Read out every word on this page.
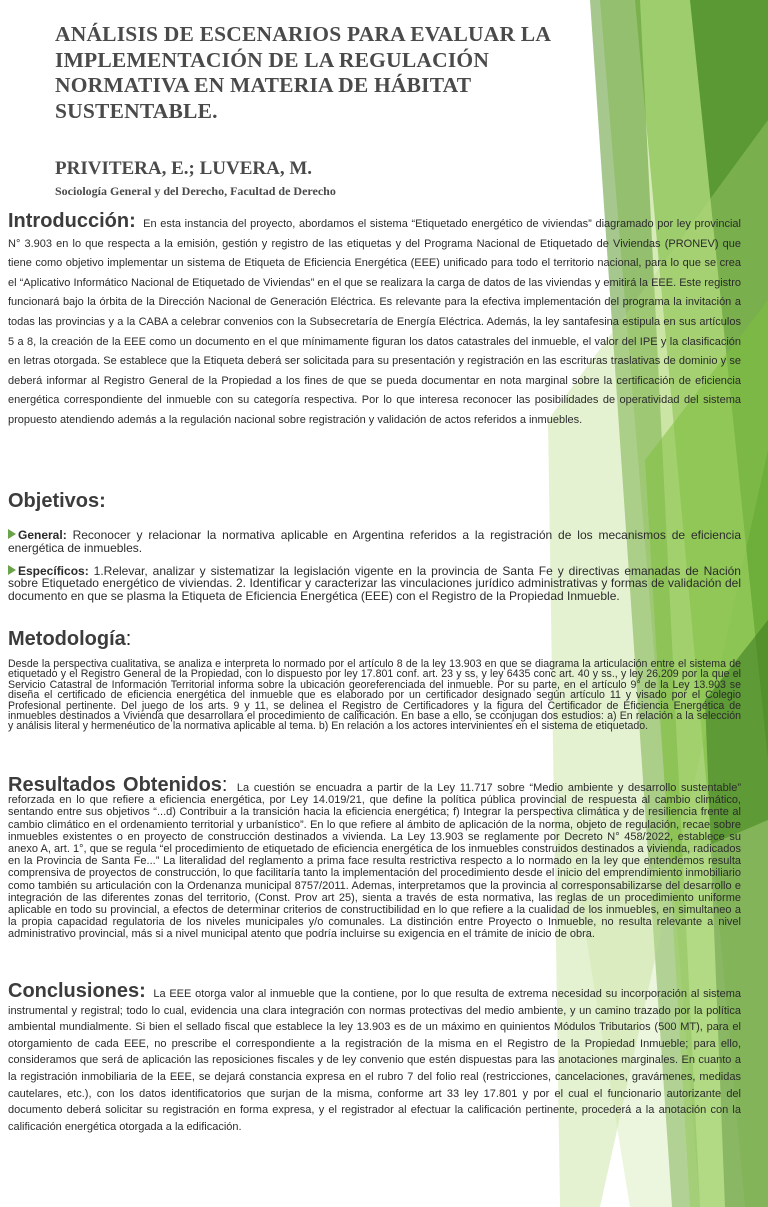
ANÁLISIS DE ESCENARIOS PARA EVALUAR LA IMPLEMENTACIÓN DE LA REGULACIÓN NORMATIVA EN MATERIA DE HÁBITAT SUSTENTABLE.
PRIVITERA, E.; LUVERA, M.
Sociología General y del Derecho, Facultad de Derecho
Introducción: En esta instancia del proyecto, abordamos el sistema “Etiquetado energético de viviendas” diagramado por ley provincial N° 3.903 en lo que respecta a la emisión, gestión y registro de las etiquetas y del Programa Nacional de Etiquetado de Viviendas (PRONEV) que tiene como objetivo implementar un sistema de Etiqueta de Eficiencia Energética (EEE) unificado para todo el territorio nacional, para lo que se crea el “Aplicativo Informático Nacional de Etiquetado de Viviendas” en el que se realizara la carga de datos de las viviendas y emitirá la EEE. Este registro funcionará bajo la órbita de la Dirección Nacional de Generación Eléctrica. Es relevante para la efectiva implementación del programa la invitación a todas las provincias y a la CABA a celebrar convenios con la Subsecretaría de Energía Eléctrica. Además, la ley santafesina estipula en sus artículos 5 a 8, la creación de la EEE como un documento en el que mínimamente figuran los datos catastrales del inmueble, el valor del IPE y la clasificación en letras otorgada. Se establece que la Etiqueta deberá ser solicitada para su presentación y registración en las escrituras traslativas de dominio y se deberá informar al Registro General de la Propiedad a los fines de que se pueda documentar en nota marginal sobre la certificación de eficiencia energética correspondiente del inmueble con su categoría respectiva. Por lo que interesa reconocer las posibilidades de operatividad del sistema propuesto atendiendo además a la regulación nacional sobre registración y validación de actos referidos a inmuebles.
Objetivos:
General: Reconocer y relacionar la normativa aplicable en Argentina referidos a la registración de los mecanismos de eficiencia energética de inmuebles.
Específicos: 1.Relevar, analizar y sistematizar la legislación vigente en la provincia de Santa Fe y directivas emanadas de Nación sobre Etiquetado energético de viviendas. 2. Identificar y caracterizar las vinculaciones jurídico administrativas y formas de validación del documento en que se plasma la Etiqueta de Eficiencia Energética (EEE) con el Registro de la Propiedad Inmueble.
Metodología:
Desde la perspectiva cualitativa, se analiza e interpreta lo normado por el artículo 8 de la ley 13.903 en que se diagrama la articulación entre el sistema de etiquetado y el Registro General de la Propiedad, con lo dispuesto por ley 17.801 conf. art. 23 y ss, y ley 6435 conc art. 40 y ss., y ley 26.209 por la que el Servicio Catastral de Información Territorial informa sobre la ubicación georeferenciada del inmueble. Por su parte, en el artículo 9° de la Ley 13.903 se diseña el certificado de eficiencia energética del inmueble que es elaborado por un certificador designado según artículo 11 y visado por el Colegio Profesional pertinente. Del juego de los arts. 9 y 11, se delinea el Registro de Certificadores y la figura del Certificador de Eficiencia Energética de inmuebles destinados a Vivienda que desarrollara el procedimiento de calificación. En base a ello, se cconjugan dos estudios: a) En relación a la selección y análisis literal y hermenéutico de la normativa aplicable al tema. b) En relación a los actores intervinientes en el sistema de etiquetado.
Resultados Obtenidos: La cuestión se encuadra a partir de la Ley 11.717 sobre “Medio ambiente y desarrollo sustentable” reforzada en lo que refiere a eficiencia energética, por Ley 14.019/21, que define la política pública provincial de respuesta al cambio climático, sentando entre sus objetivos “...d) Contribuir a la transición hacia la eficiencia energética; f) Integrar la perspectiva climática y de resiliencia frente al cambio climático en el ordenamiento territorial y urbanístico”. En lo que refiere al ámbito de aplicación de la norma, objeto de regulación, recae sobre inmuebles existentes o en proyecto de construcción destinados a vivienda. La Ley 13.903 se reglamente por Decreto N° 458/2022, establece su anexo A, art. 1°, que se regula “el procedimiento de etiquetado de eficiencia energética de los inmuebles construidos destinados a vivienda, radicados en la Provincia de Santa Fe...” La literalidad del reglamento a prima face resulta restrictiva respecto a lo normado en la ley que entendemos resulta comprensiva de proyectos de construcción, lo que facilitaría tanto la implementación del procedimiento desde el inicio del emprendimiento inmobiliario como también su articulación con la Ordenanza municipal 8757/2011. Ademas, interpretamos que la provincia al corresponsabilizarse del desarrollo e integración de las diferentes zonas del territorio, (Const. Prov art 25), sienta a través de esta normativa, las reglas de un procedimiento uniforme aplicable en todo su provincial, a efectos de determinar criterios de constructibilidad en lo que refiere a la cualidad de los inmuebles, en simultaneo a la propia capacidad regulatoria de los niveles municipales y/o comunales. La distinción entre Proyecto o Inmueble, no resulta relevante a nivel administrativo provincial, más si a nivel municipal atento que podría incluirse su exigencia en el trámite de inicio de obra.
Conclusiones: La EEE otorga valor al inmueble que la contiene, por lo que resulta de extrema necesidad su incorporación al sistema instrumental y registral; todo lo cual, evidencia una clara integración con normas protectivas del medio ambiente, y un camino trazado por la política ambiental mundialmente. Si bien el sellado fiscal que establece la ley 13.903 es de un máximo en quinientos Módulos Tributarios (500 MT), para el otorgamiento de cada EEE, no prescribe el correspondiente a la registración de la misma en el Registro de la Propiedad Inmueble; para ello, consideramos que será de aplicación las reposiciones fiscales y de ley convenio que estén dispuestas para las anotaciones marginales. En cuanto a la registración inmobiliaria de la EEE, se dejará constancia expresa en el rubro 7 del folio real (restricciones, cancelaciones, gravámenes, medidas cautelares, etc.), con los datos identificatorios que surjan de la misma, conforme art 33 ley 17.801 y por el cual el funcionario autorizante del documento deberá solicitar su registración en forma expresa, y el registrador al efectuar la calificación pertinente, procederá a la anotación con la calificación energética otorgada a la edificación.
